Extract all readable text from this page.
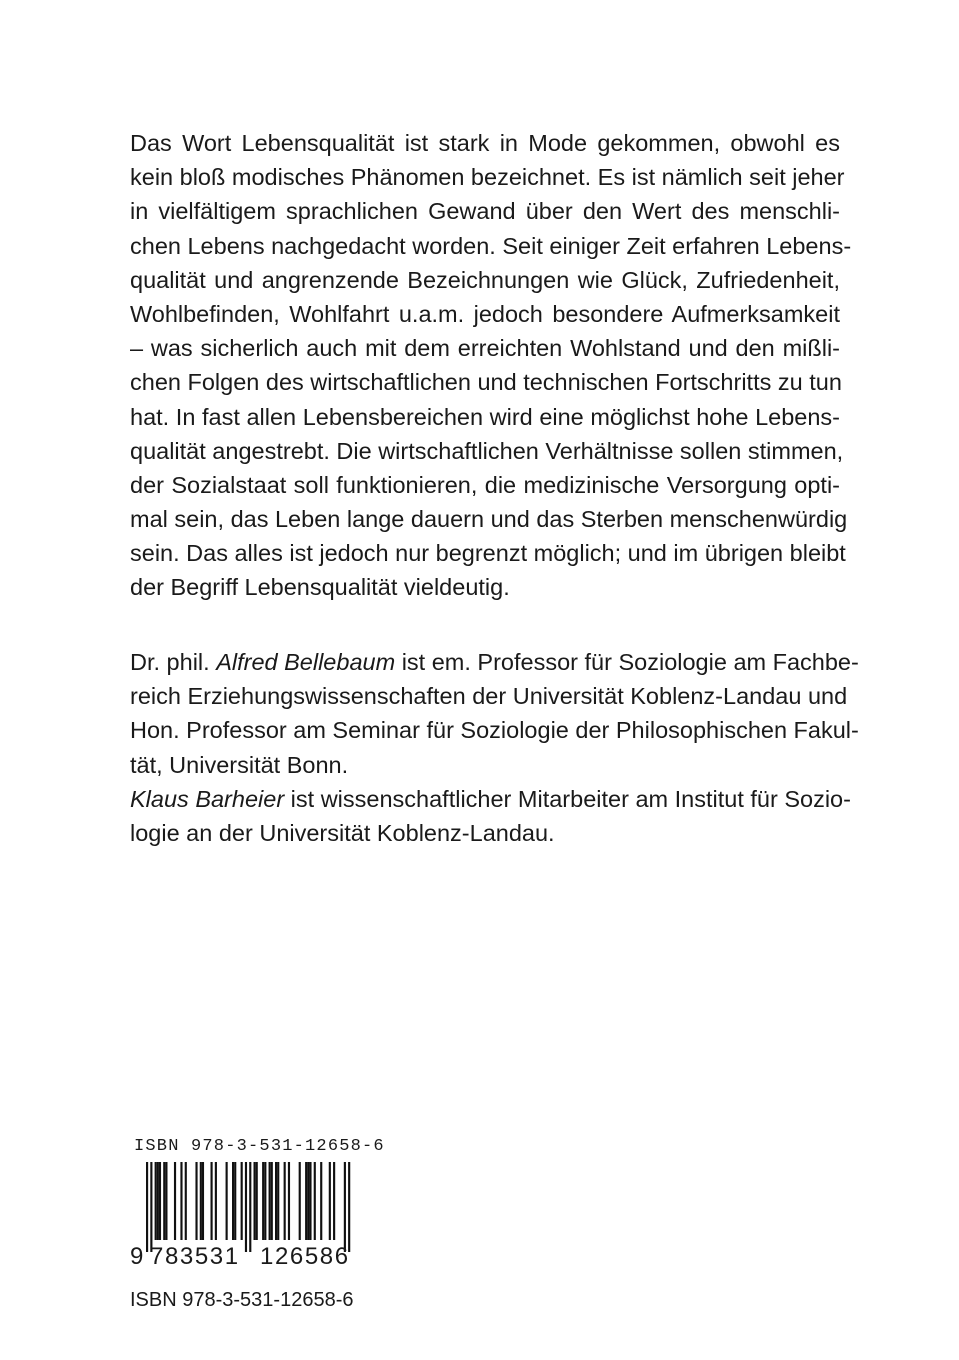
Das Wort Lebensqualität ist stark in Mode gekommen, obwohl es
kein bloß modisches Phänomen bezeichnet. Es ist nämlich seit jeher
in vielfältigem sprachlichen Gewand über den Wert des menschli-
chen Lebens nachgedacht worden. Seit einiger Zeit erfahren Lebens-
qualität und angrenzende Bezeichnungen wie Glück, Zufriedenheit,
Wohlbefinden, Wohlfahrt u.a.m. jedoch besondere Aufmerksamkeit
– was sicherlich auch mit dem erreichten Wohlstand und den mißli-
chen Folgen des wirtschaftlichen und technischen Fortschritts zu tun
hat. In fast allen Lebensbereichen wird eine möglichst hohe Lebens-
qualität angestrebt. Die wirtschaftlichen Verhältnisse sollen stimmen,
der Sozialstaat soll funktionieren, die medizinische Versorgung opti-
mal sein, das Leben lange dauern und das Sterben menschenwürdig
sein. Das alles ist jedoch nur begrenzt möglich; und im übrigen bleibt
der Begriff Lebensqualität vieldeutig.
Dr. phil. Alfred Bellebaum ist em. Professor für Soziologie am Fachbe-
reich Erziehungswissenschaften der Universität Koblenz-Landau und
Hon. Professor am Seminar für Soziologie der Philosophischen Fakul-
tät, Universität Bonn.
Klaus Barheier ist wissenschaftlicher Mitarbeiter am Institut für Sozio-
logie an der Universität Koblenz-Landau.
ISBN 978-3-531-12658-6
9 783531 126586
ISBN 978-3-531-12658-6
